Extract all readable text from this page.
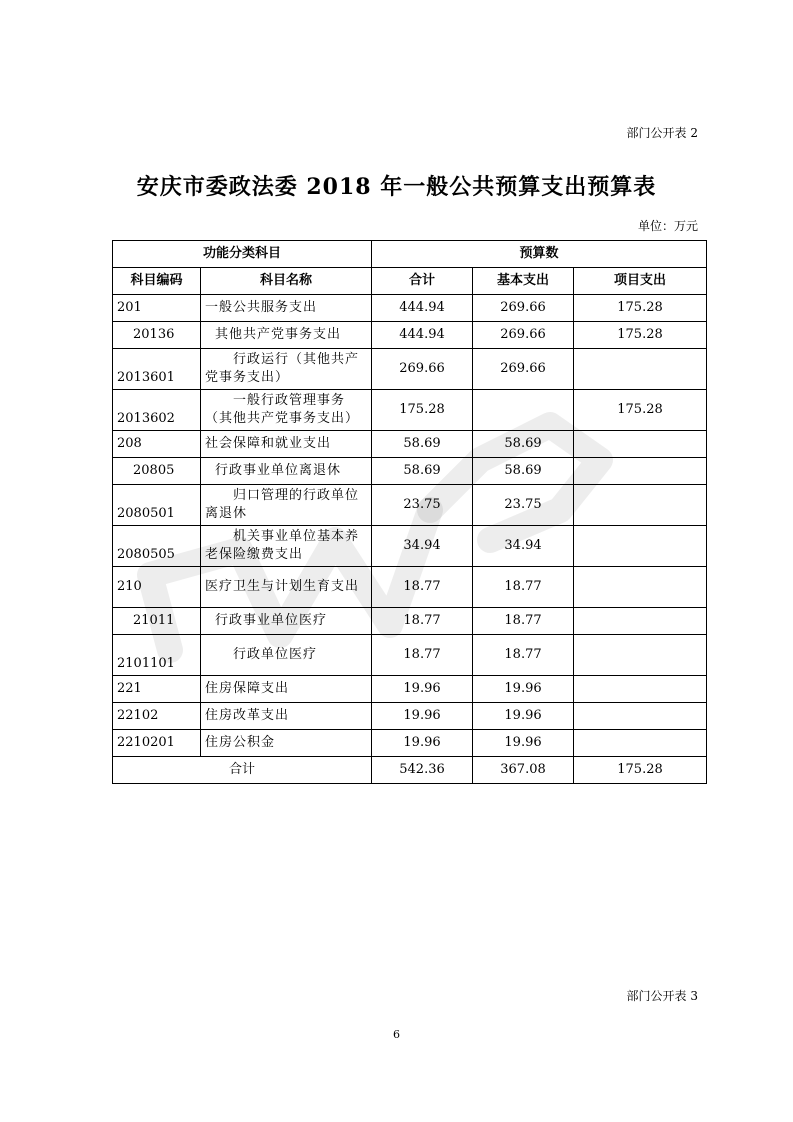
部门公开表 2
安庆市委政法委 2018 年一般公共预算支出预算表
单位：万元
功能分类科目		预算数		
科目编码	科目名称	合计	基本支出	项目支出
201	一般公共服务支出	444.94	269.66	175.28
20136	其他共产党事务支出	444.94	269.66	175.28
2013601	行政运行（其他共产党事务支出）	269.66	269.66	
2013602	一般行政管理事务（其他共产党事务支出）	175.28		175.28
208	社会保障和就业支出	58.69	58.69	
20805	行政事业单位离退休	58.69	58.69	
2080501	归口管理的行政单位离退休	23.75	23.75	
2080505	机关事业单位基本养老保险缴费支出	34.94	34.94	
210	医疗卫生与计划生育支出	18.77	18.77	
21011	行政事业单位医疗	18.77	18.77	
2101101	行政单位医疗	18.77	18.77	
221	住房保障支出	19.96	19.96	
22102	住房改革支出	19.96	19.96	
2210201	住房公积金	19.96	19.96	
合计		542.36	367.08	175.28
部门公开表 3
6
